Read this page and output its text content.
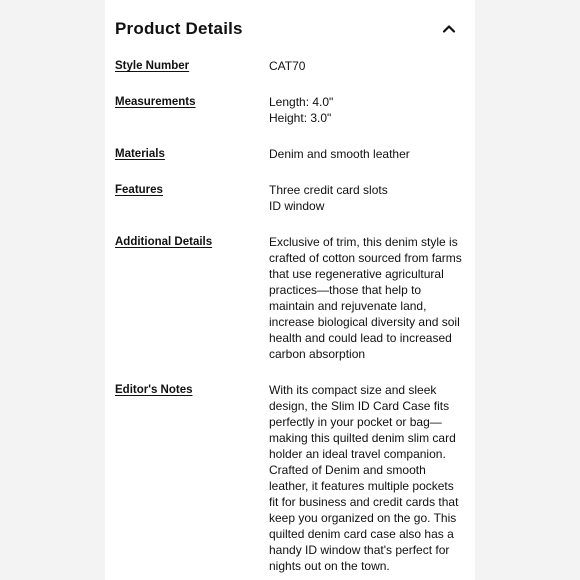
Product Details
Style Number	CAT70
Measurements	Length: 4.0"
Height: 3.0"
Materials	Denim and smooth leather
Features	Three credit card slots
ID window
Additional Details	Exclusive of trim, this denim style is
crafted of cotton sourced from farms
that use regenerative agricultural
practices—those that help to
maintain and rejuvenate land,
increase biological diversity and soil
health and could lead to increased
carbon absorption
Editor's Notes	With its compact size and sleek
design, the Slim ID Card Case fits
perfectly in your pocket or bag—
making this quilted denim slim card
holder an ideal travel companion.
Crafted of Denim and smooth
leather, it features multiple pockets
fit for business and credit cards that
keep you organized on the go. This
quilted denim card case also has a
handy ID window that's perfect for
nights out on the town.
